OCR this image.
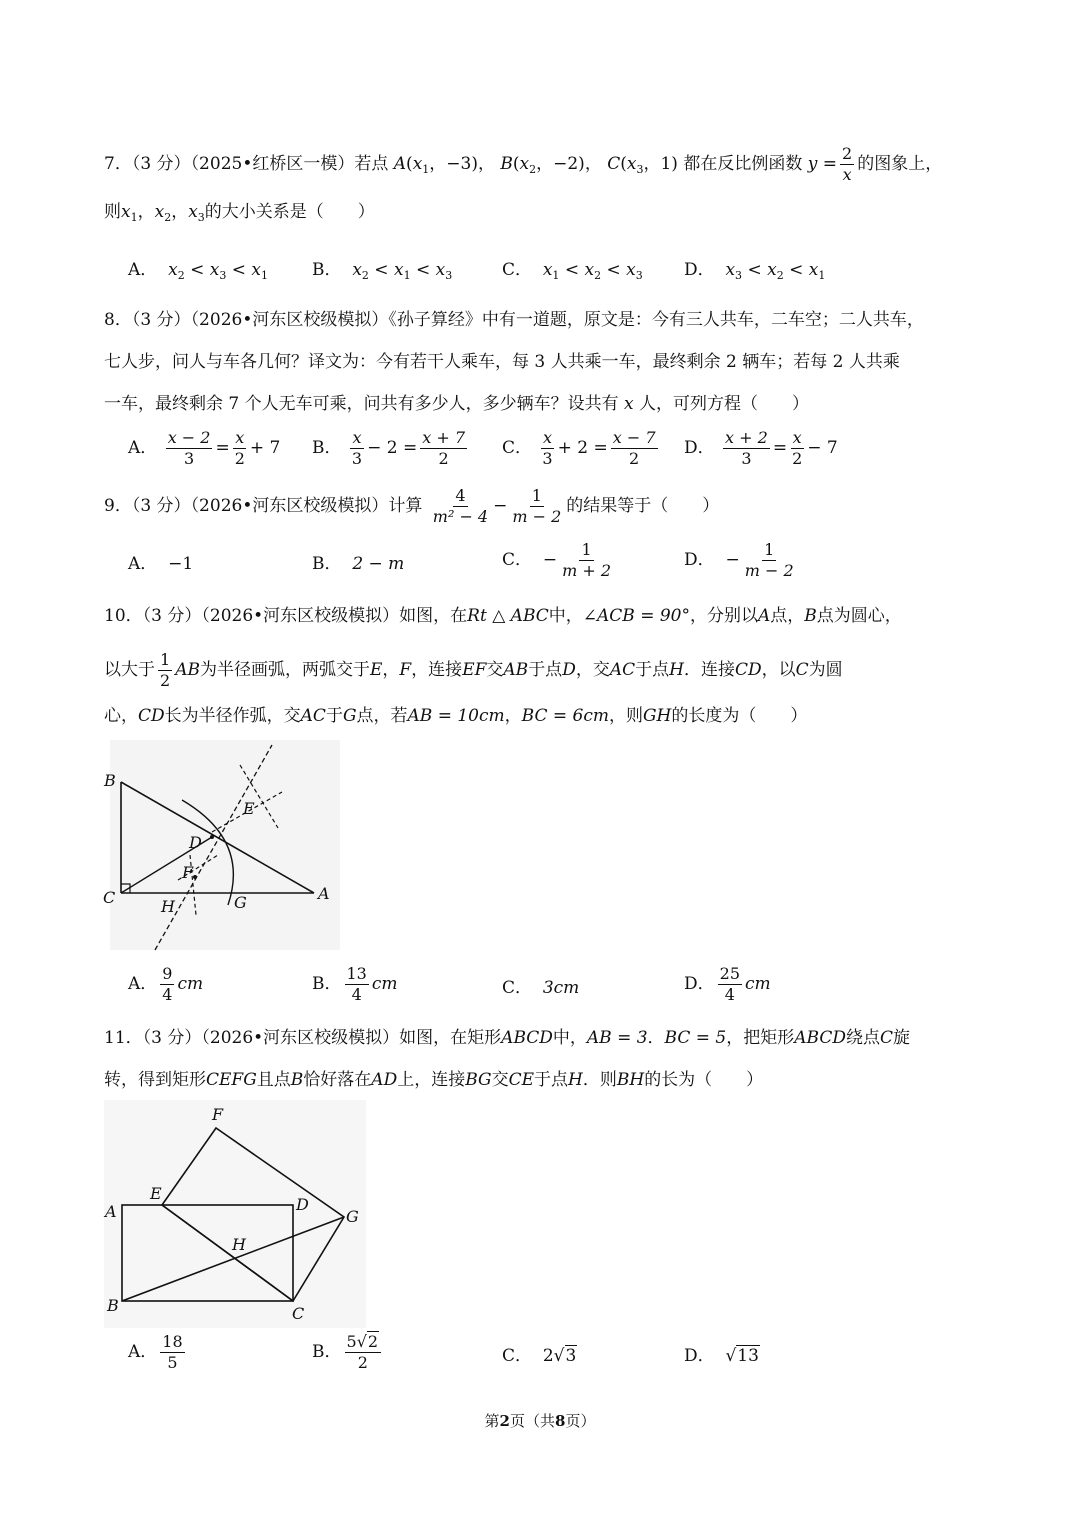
7．（3 分）（2025•红桥区一模）若点 $A(x_1$，−3)， $B(x_2$，−2)， $C(x_3$，1) 都在反比例函数 $y = \frac{2}{x}$ 的图象上，
则$x_1$，$x_2$，$x_3$的大小关系是（　　）
A． $x_2 < x_3 < x_1$	B． $x_2 < x_1 < x_3$	C． $x_1 < x_2 < x_3$ D． $x_3 < x_2 < x_1$
8．（3 分）（2026•河东区校级模拟）《孙子算经》中有一道题，原文是：今有三人共车，二车空；二人共车，
七人步，问人与车各几何？译文为：今有若干人乘车，每 3 人共乘一车，最终剩余 2 辆车；若每 2 人共乘
一车，最终剩余 7 个人无车可乘，问共有多少人，多少辆车？设共有 x 人，可列方程（　　）
A． $\frac{x - 2}{3} = \frac{x}{2} + 7$ B． $\frac{x}{3} - 2 = \frac{x + 7}{2}$ C． $\frac{x}{3} + 2 = \frac{x - 7}{2}$ D． $\frac{x + 2}{3} = \frac{x}{2} - 7$
9．（3 分）（2026•河东区校级模拟）计算 $\frac{4}{\text{m² − 4}} - \frac{1}{m - 2}$ 的结果等于（　　）
A． −1	B． 2 − m	C． − $\frac{1}{m + 2}$	D． − $\frac{1}{m - 2}$
10．（3 分）（2026•河东区校级模拟）如图，在Rt △ ABC中，∠ACB = 90°，分别以A点，B点为圆心，
以大于 $\frac{1}{2}$ AB为半径画弧，两弧交于E，F，连接EF交AB于点D，交AC于点H．连接CD，以C为圆
心，CD长为半径作弧，交AC于G点，若AB = 10cm，BC = 6cm，则GH的长度为（　　）
B
C	A
D
E
F
H	G
A． $\frac{9}{4}$ cm	B． $\frac{13}{4}$ cm	C． 3cm	D． $\frac{25}{4}$ cm
11．（3 分）（2026•河东区校级模拟）如图，在矩形ABCD中，AB = 3．BC = 5，把矩形ABCD绕点C旋
转，得到矩形CEFG且点B恰好落在AD上，连接BG交CE于点H．则BH的长为（　　）
F
E
A	D
G
H
B	C
A． $\frac{18}{5}$	B． $\frac{5√2}{2}$	C． 2√3	D．  √13
第2页（共8页）
